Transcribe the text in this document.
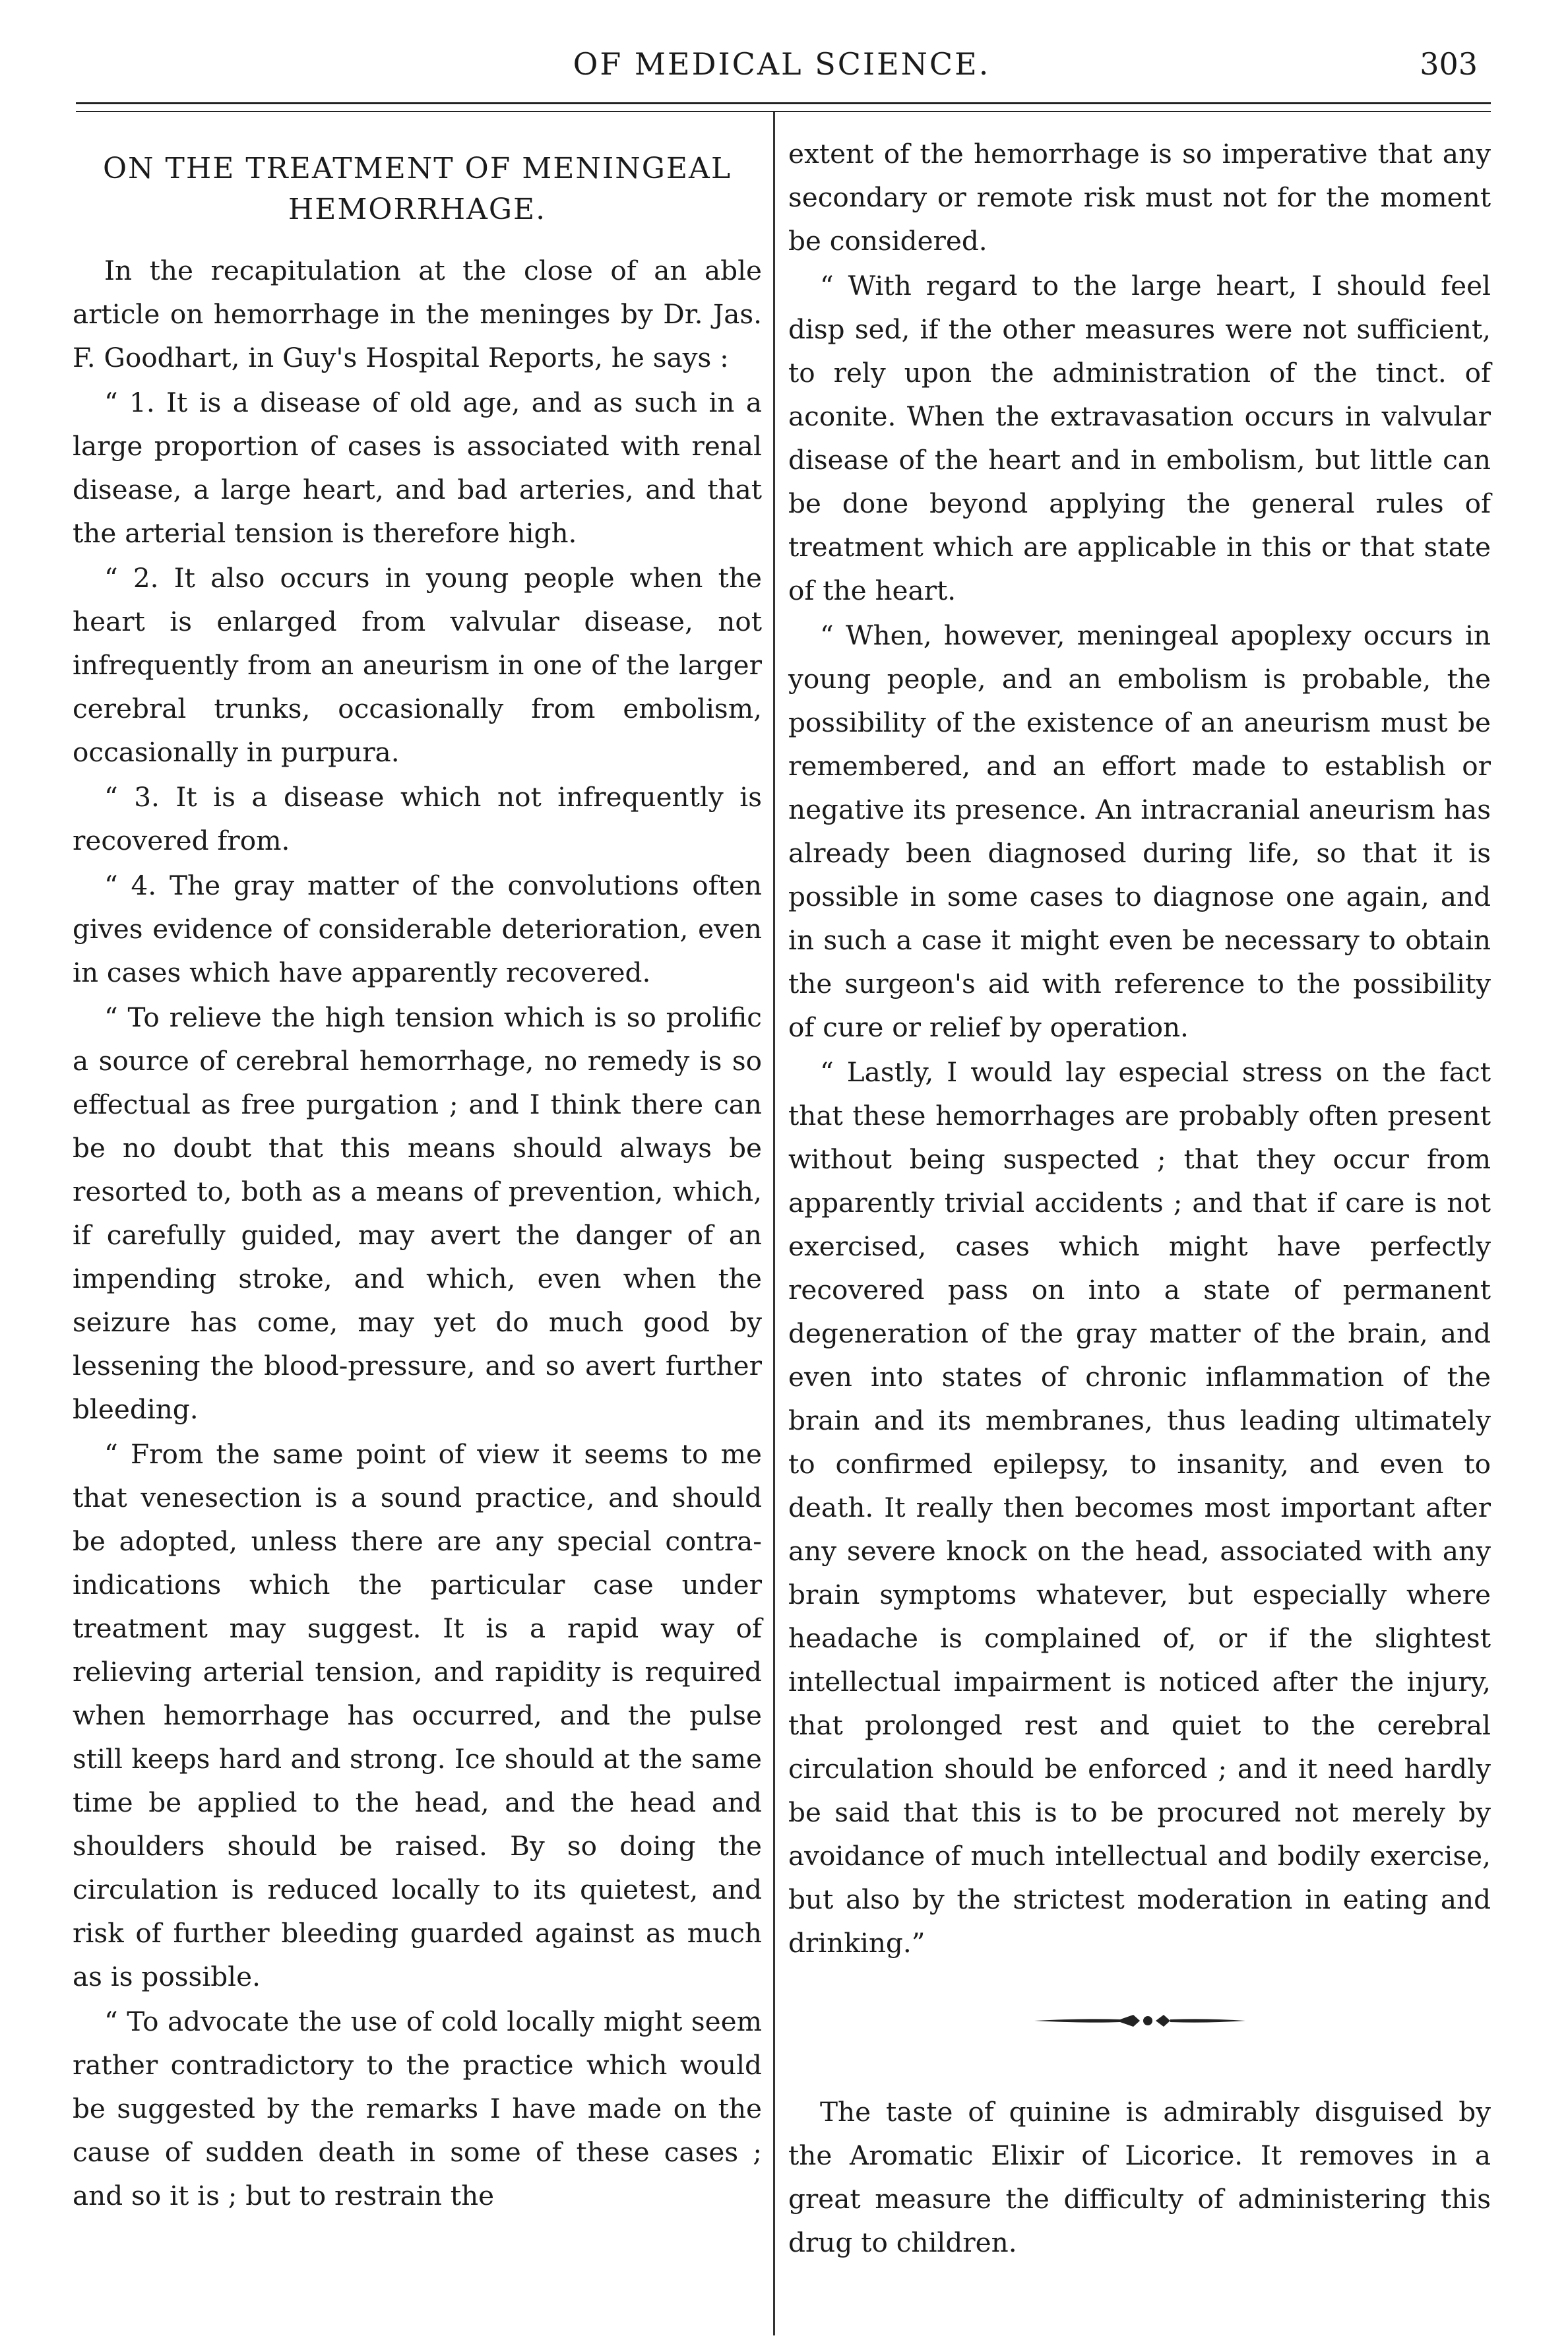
OF MEDICAL SCIENCE.	303
ON THE TREATMENT OF MENINGEAL HEMORRHAGE.

In the recapitulation at the close of an able article on hemorrhage in the meninges by Dr. Jas. F. Goodhart, in Guy's Hospital Reports, he says :

“ 1. It is a disease of old age, and as such in a large proportion of cases is associated with renal disease, a large heart, and bad arteries, and that the arterial tension is therefore high.

“ 2. It also occurs in young people when the heart is enlarged from valvular disease, not infrequently from an aneurism in one of the larger cerebral trunks, occasionally from embolism, occasionally in purpura.

“ 3. It is a disease which not infrequently is recovered from.

“ 4. The gray matter of the convolutions often gives evidence of considerable deterioration, even in cases which have apparently recovered.

“ To relieve the high tension which is so prolific a source of cerebral hemorrhage, no remedy is so effectual as free purgation ; and I think there can be no doubt that this means should always be resorted to, both as a means of prevention, which, if carefully guided, may avert the danger of an impending stroke, and which, even when the seizure has come, may yet do much good by lessening the blood-pressure, and so avert further bleeding.

“ From the same point of view it seems to me that venesection is a sound practice, and should be adopted, unless there are any special contra-indications which the particular case under treatment may suggest. It is a rapid way of relieving arterial tension, and rapidity is required when hemorrhage has occurred, and the pulse still keeps hard and strong. Ice should at the same time be applied to the head, and the head and shoulders should be raised. By so doing the circulation is reduced locally to its quietest, and risk of further bleeding guarded against as much as is possible.

“ To advocate the use of cold locally might seem rather contradictory to the practice which would be suggested by the remarks I have made on the cause of sudden death in some of these cases ; and so it is ; but to restrain the

extent of the hemorrhage is so imperative that any secondary or remote risk must not for the moment be considered.

“ With regard to the large heart, I should feel disp sed, if the other measures were not sufficient, to rely upon the administration of the tinct. of aconite. When the extravasation occurs in valvular disease of the heart and in embolism, but little can be done beyond applying the general rules of treatment which are applicable in this or that state of the heart.

“ When, however, meningeal apoplexy occurs in young people, and an embolism is probable, the possibility of the existence of an aneurism must be remembered, and an effort made to establish or negative its presence. An intracranial aneurism has already been diagnosed during life, so that it is possible in some cases to diagnose one again, and in such a case it might even be necessary to obtain the surgeon's aid with reference to the possibility of cure or relief by operation.

“ Lastly, I would lay especial stress on the fact that these hemorrhages are probably often present without being suspected ; that they occur from apparently trivial accidents ; and that if care is not exercised, cases which might have perfectly recovered pass on into a state of permanent degeneration of the gray matter of the brain, and even into states of chronic inflammation of the brain and its membranes, thus leading ultimately to confirmed epilepsy, to insanity, and even to death. It really then becomes most important after any severe knock on the head, associated with any brain symptoms whatever, but especially where headache is complained of, or if the slightest intellectual impairment is noticed after the injury, that prolonged rest and quiet to the cerebral circulation should be enforced ; and it need hardly be said that this is to be procured not merely by avoidance of much intellectual and bodily exercise, but also by the strictest moderation in eating and drinking.”

The taste of quinine is admirably disguised by the Aromatic Elixir of Licorice. It removes in a great measure the difficulty of administering this drug to children.
